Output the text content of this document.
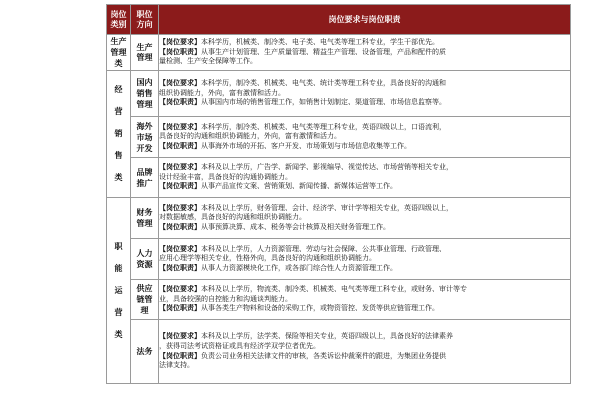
岗位类别	职位方向	岗位要求与岗位职责
生产管理类	生产管理	【岗位要求】本科学历，机械类、制冷类、电子类、电气类等理工科专业，学生干部优先。
【岗位职责】从事生产计划管理、生产质量管理、精益生产管理、设备管理，产品和配件的质
量检测、生产安全保障等工作。

经营销售类	国内销售管理	【岗位要求】本科学历，制冷类、机械类、电气类、统计类等理工科专业，具备良好的沟通和
组织协调能力，外向，富有激情和活力。
【岗位职责】从事国内市场的销售管理工作，如销售计划制定、渠道管理、市场信息监察等。

	海外市场开发	【岗位要求】本科学历，制冷类、机械类、电气类等理工科专业，英语四级以上，口语流利，
具备良好的沟通和组织协调能力，外向，富有激情和活力。
【岗位职责】从事海外市场的开拓、客户开发、市场策划与市场信息收集等工作。

	品牌推广	【岗位要求】本科及以上学历，广告学、新闻学、影视编导、视觉传达、市场营销等相关专业，
设计经验丰富，具备良好的沟通协调能力。
【岗位职责】从事产品宣传文案、营销策划、新闻传播、新媒体运营等工作。

职能运营类	财务管理	【岗位要求】本科及以上学历，财务管理、会计、经济学、审计学等相关专业，英语四级以上，
对数据敏感，具备良好的沟通和组织协调能力。
【岗位职责】从事预算决算、成本、税务等会计核算及相关财务管理工作。

	人力资源	【岗位要求】本科及以上学历，人力资源管理、劳动与社会保障、公共事业管理、行政管理、
应用心理学等相关专业，性格外向，具备良好的沟通和组织协调能力。
【岗位职责】从事人力资源模块化工作，或各部门综合性人力资源管理工作。

	供应链管理	【岗位要求】本科及以上学历，物流类、制冷类、机械类、电气类等理工科专业，或财务、审计等专
业，具备较强的自控能力和沟通谈判能力。
【岗位职责】从事各类生产物料和设备的采购工作，或物资管控、发货等供应链管理工作。

	法务	【岗位要求】本科及以上学历，法学类、保险等相关专业，英语四级以上，具备良好的法律素养
，获得司法考试资格证或具有经济学双学位者优先。
【岗位职责】负责公司业务相关法律文件的审核，各类诉讼仲裁案件的跟进，为集团业务提供
法律支持。
